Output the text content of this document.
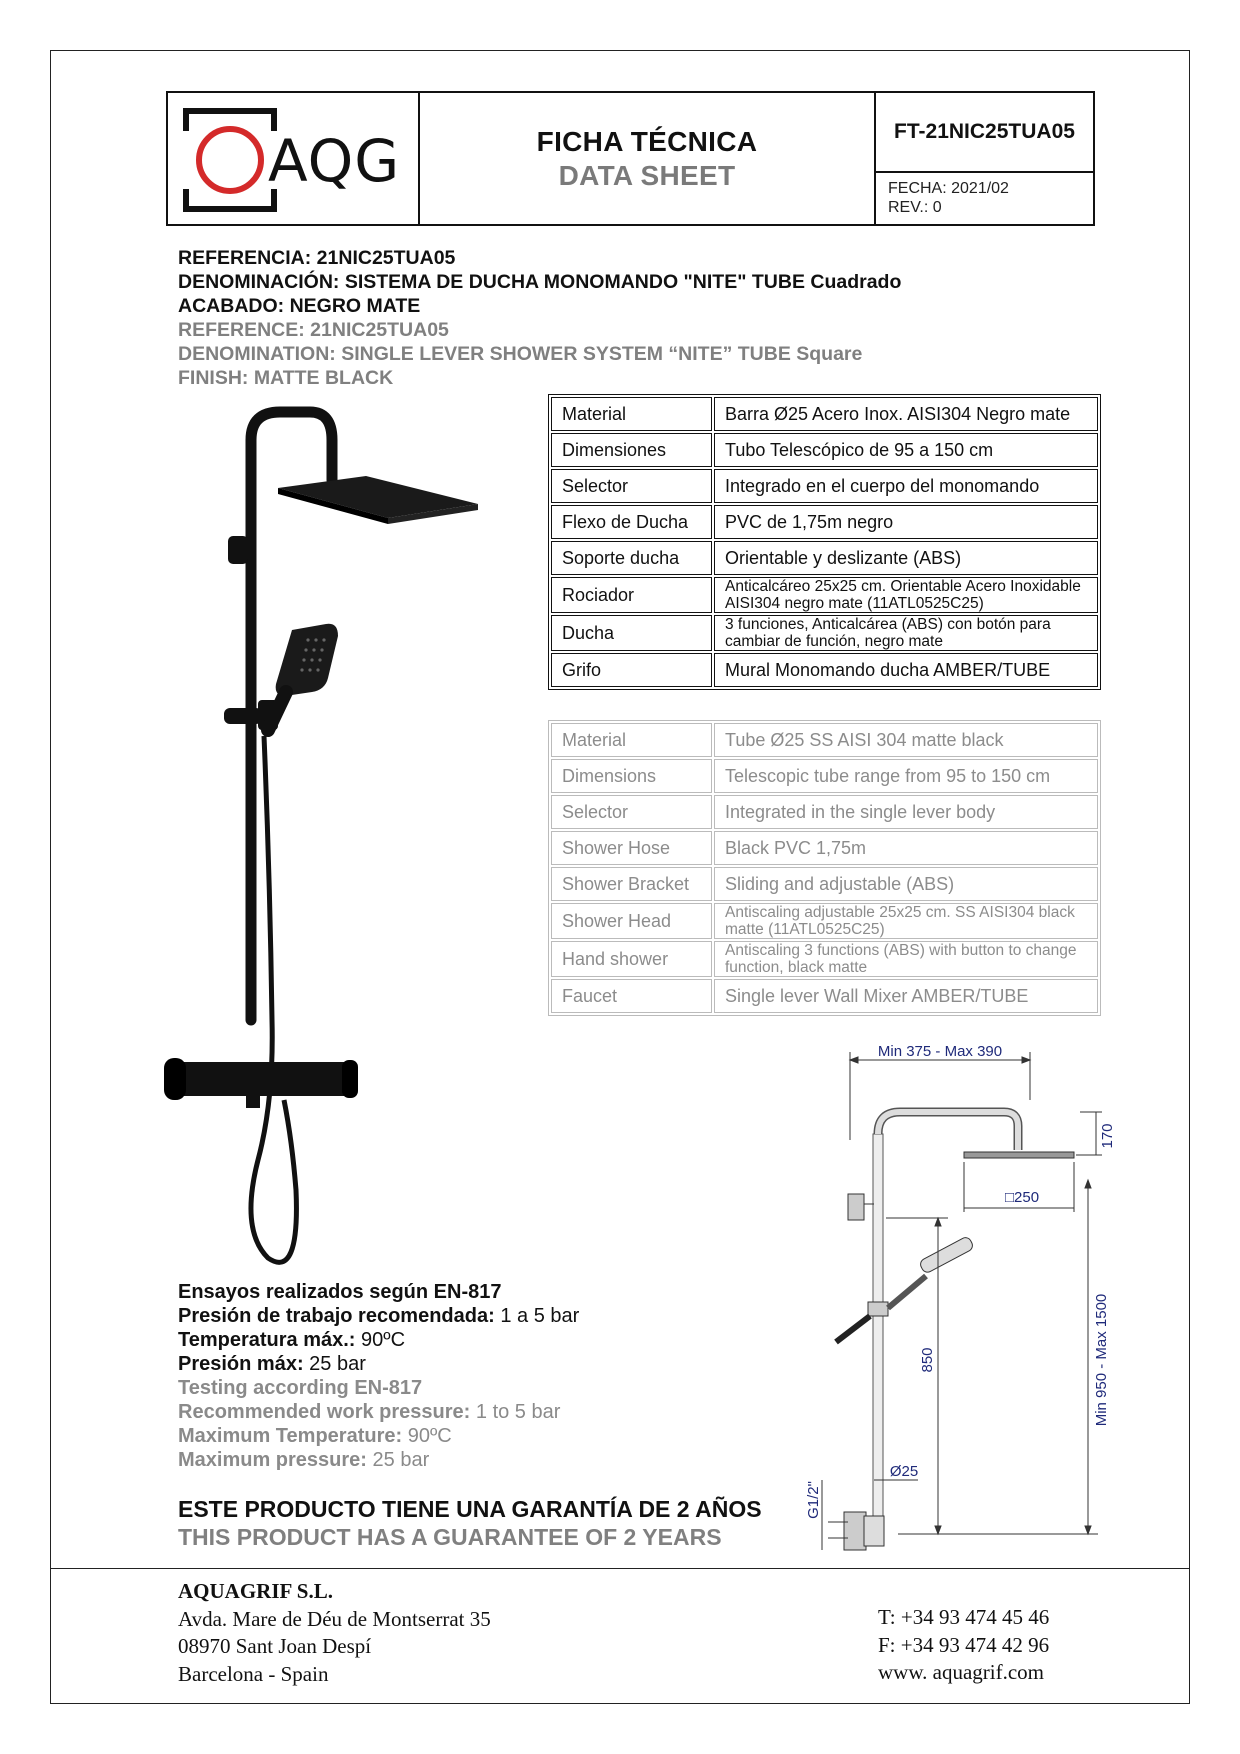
AQG	FICHA TÉCNICA
DATA SHEET
FT-21NIC25TUA05
FECHA: 2021/02
REV.: 0
REFERENCIA: 21NIC25TUA05
DENOMINACIÓN: SISTEMA DE DUCHA MONOMANDO "NITE" TUBE Cuadrado
ACABADO: NEGRO MATE
REFERENCE: 21NIC25TUA05
DENOMINATION: SINGLE LEVER SHOWER SYSTEM “NITE” TUBE Square
FINISH: MATTE BLACK
Material	Barra Ø25 Acero Inox. AISI304 Negro mate
Dimensiones	Tubo Telescópico de 95 a 150 cm
Selector	Integrado en el cuerpo del monomando
Flexo de Ducha	PVC de 1,75m negro
Soporte ducha	Orientable y deslizante (ABS)
Rociador	Anticalcáreo 25x25 cm. Orientable Acero Inoxidable AISI304 negro mate (11ATL0525C25)
Ducha	3 funciones, Anticalcárea (ABS) con botón para cambiar de función, negro mate
Grifo	Mural Monomando ducha AMBER/TUBE
Material	Tube Ø25 SS AISI 304 matte black
Dimensions	Telescopic tube range from 95 to 150 cm
Selector	Integrated in the single lever body
Shower Hose	Black PVC 1,75m
Shower Bracket	Sliding and adjustable (ABS)
Shower Head	Antiscaling adjustable 25x25 cm. SS AISI304 black matte (11ATL0525C25)
Hand shower	Antiscaling 3 functions (ABS) with button to change function, black matte
Faucet	Single lever Wall Mixer AMBER/TUBE
Ensayos realizados según EN-817
Presión de trabajo recomendada: 1 a 5 bar
Temperatura máx.: 90ºC
Presión máx: 25 bar
Testing according EN-817
Recommended work pressure: 1 to 5 bar
Maximum Temperature: 90ºC
Maximum pressure: 25 bar
ESTE PRODUCTO TIENE UNA GARANTÍA DE 2 AÑOS
THIS PRODUCT HAS A GUARANTEE OF 2 YEARS
Min 375 - Max 390
170
□250
Min 950 - Max 1500
850
Ø25
G1/2"
AQUAGRIF S.L.
Avda. Mare de Déu de Montserrat 35
08970 Sant Joan Despí
Barcelona - Spain
T: +34 93 474 45 46
F: +34 93 474 42 96
www. aquagrif.com
